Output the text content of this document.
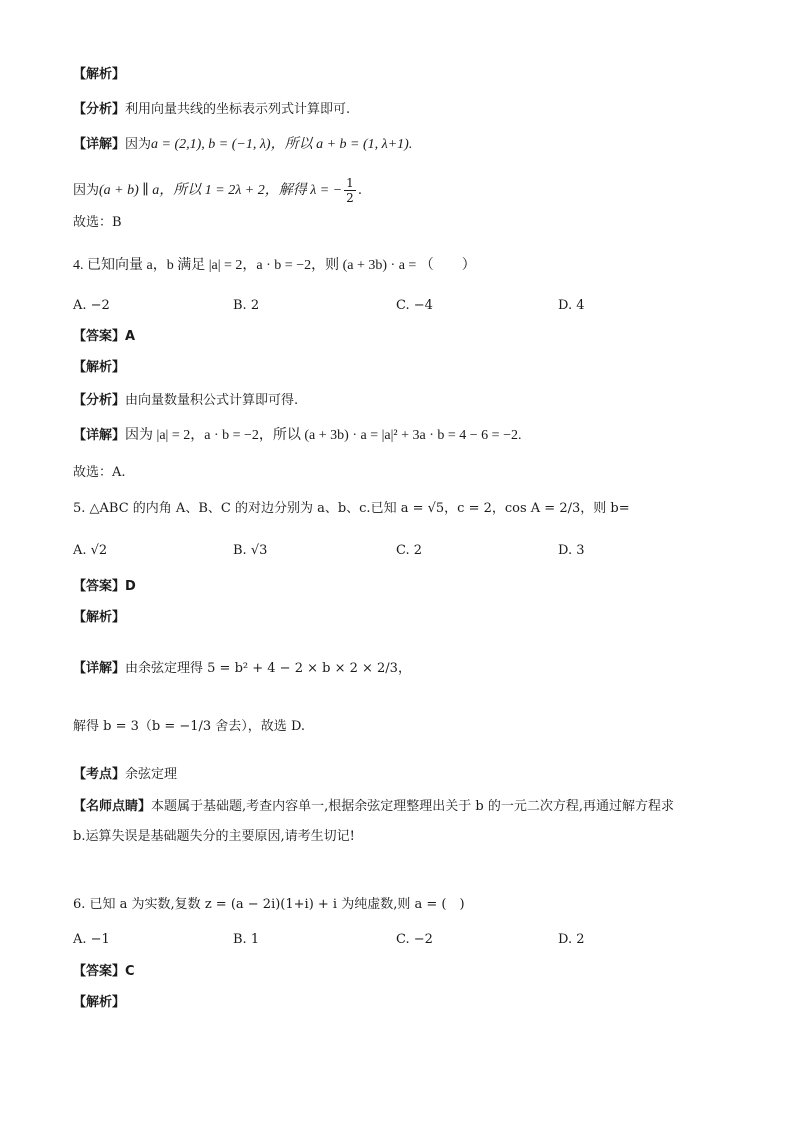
【解析】
【分析】利用向量共线的坐标表示列式计算即可.
【详解】因为a = (2,1), b = (−1, λ)，所以 a + b = (1, λ+1).
因为(a + b) ∥ a，所以 1 = 2λ + 2，解得 λ = − $\frac{1}{2}$ .
故选：B
4. 已知向量 a，b 满足 |a| = 2，a · b = −2，则 (a + 3b) · a = （　　）
A. −2	B. 2	C. −4	D. 4
【答案】A
【解析】
【分析】由向量数量积公式计算即可得.
【详解】因为 |a| = 2，a · b = −2，所以 (a + 3b) · a = |a|² + 3a · b = 4 − 6 = −2.
故选：A.
5. △ABC 的内角 A、B、C 的对边分别为 a、b、c.已知 a = √5，c = 2，cos A = 2/3，则 b=
A. √2	B. √3	C. 2	D. 3
【答案】D
【解析】
【详解】由余弦定理得 5 = b² + 4 − 2 × b × 2 × 2/3，
解得 b = 3（b = −1/3 舍去），故选 D.
【考点】余弦定理
【名师点睛】本题属于基础题,考查内容单一,根据余弦定理整理出关于 b 的一元二次方程,再通过解方程求
b.运算失误是基础题失分的主要原因,请考生切记!
6. 已知 a 为实数,复数 z = (a − 2i)(1+i) + i 为纯虚数,则 a = (　)
A. −1	B. 1	C. −2	D. 2
【答案】C
【解析】
